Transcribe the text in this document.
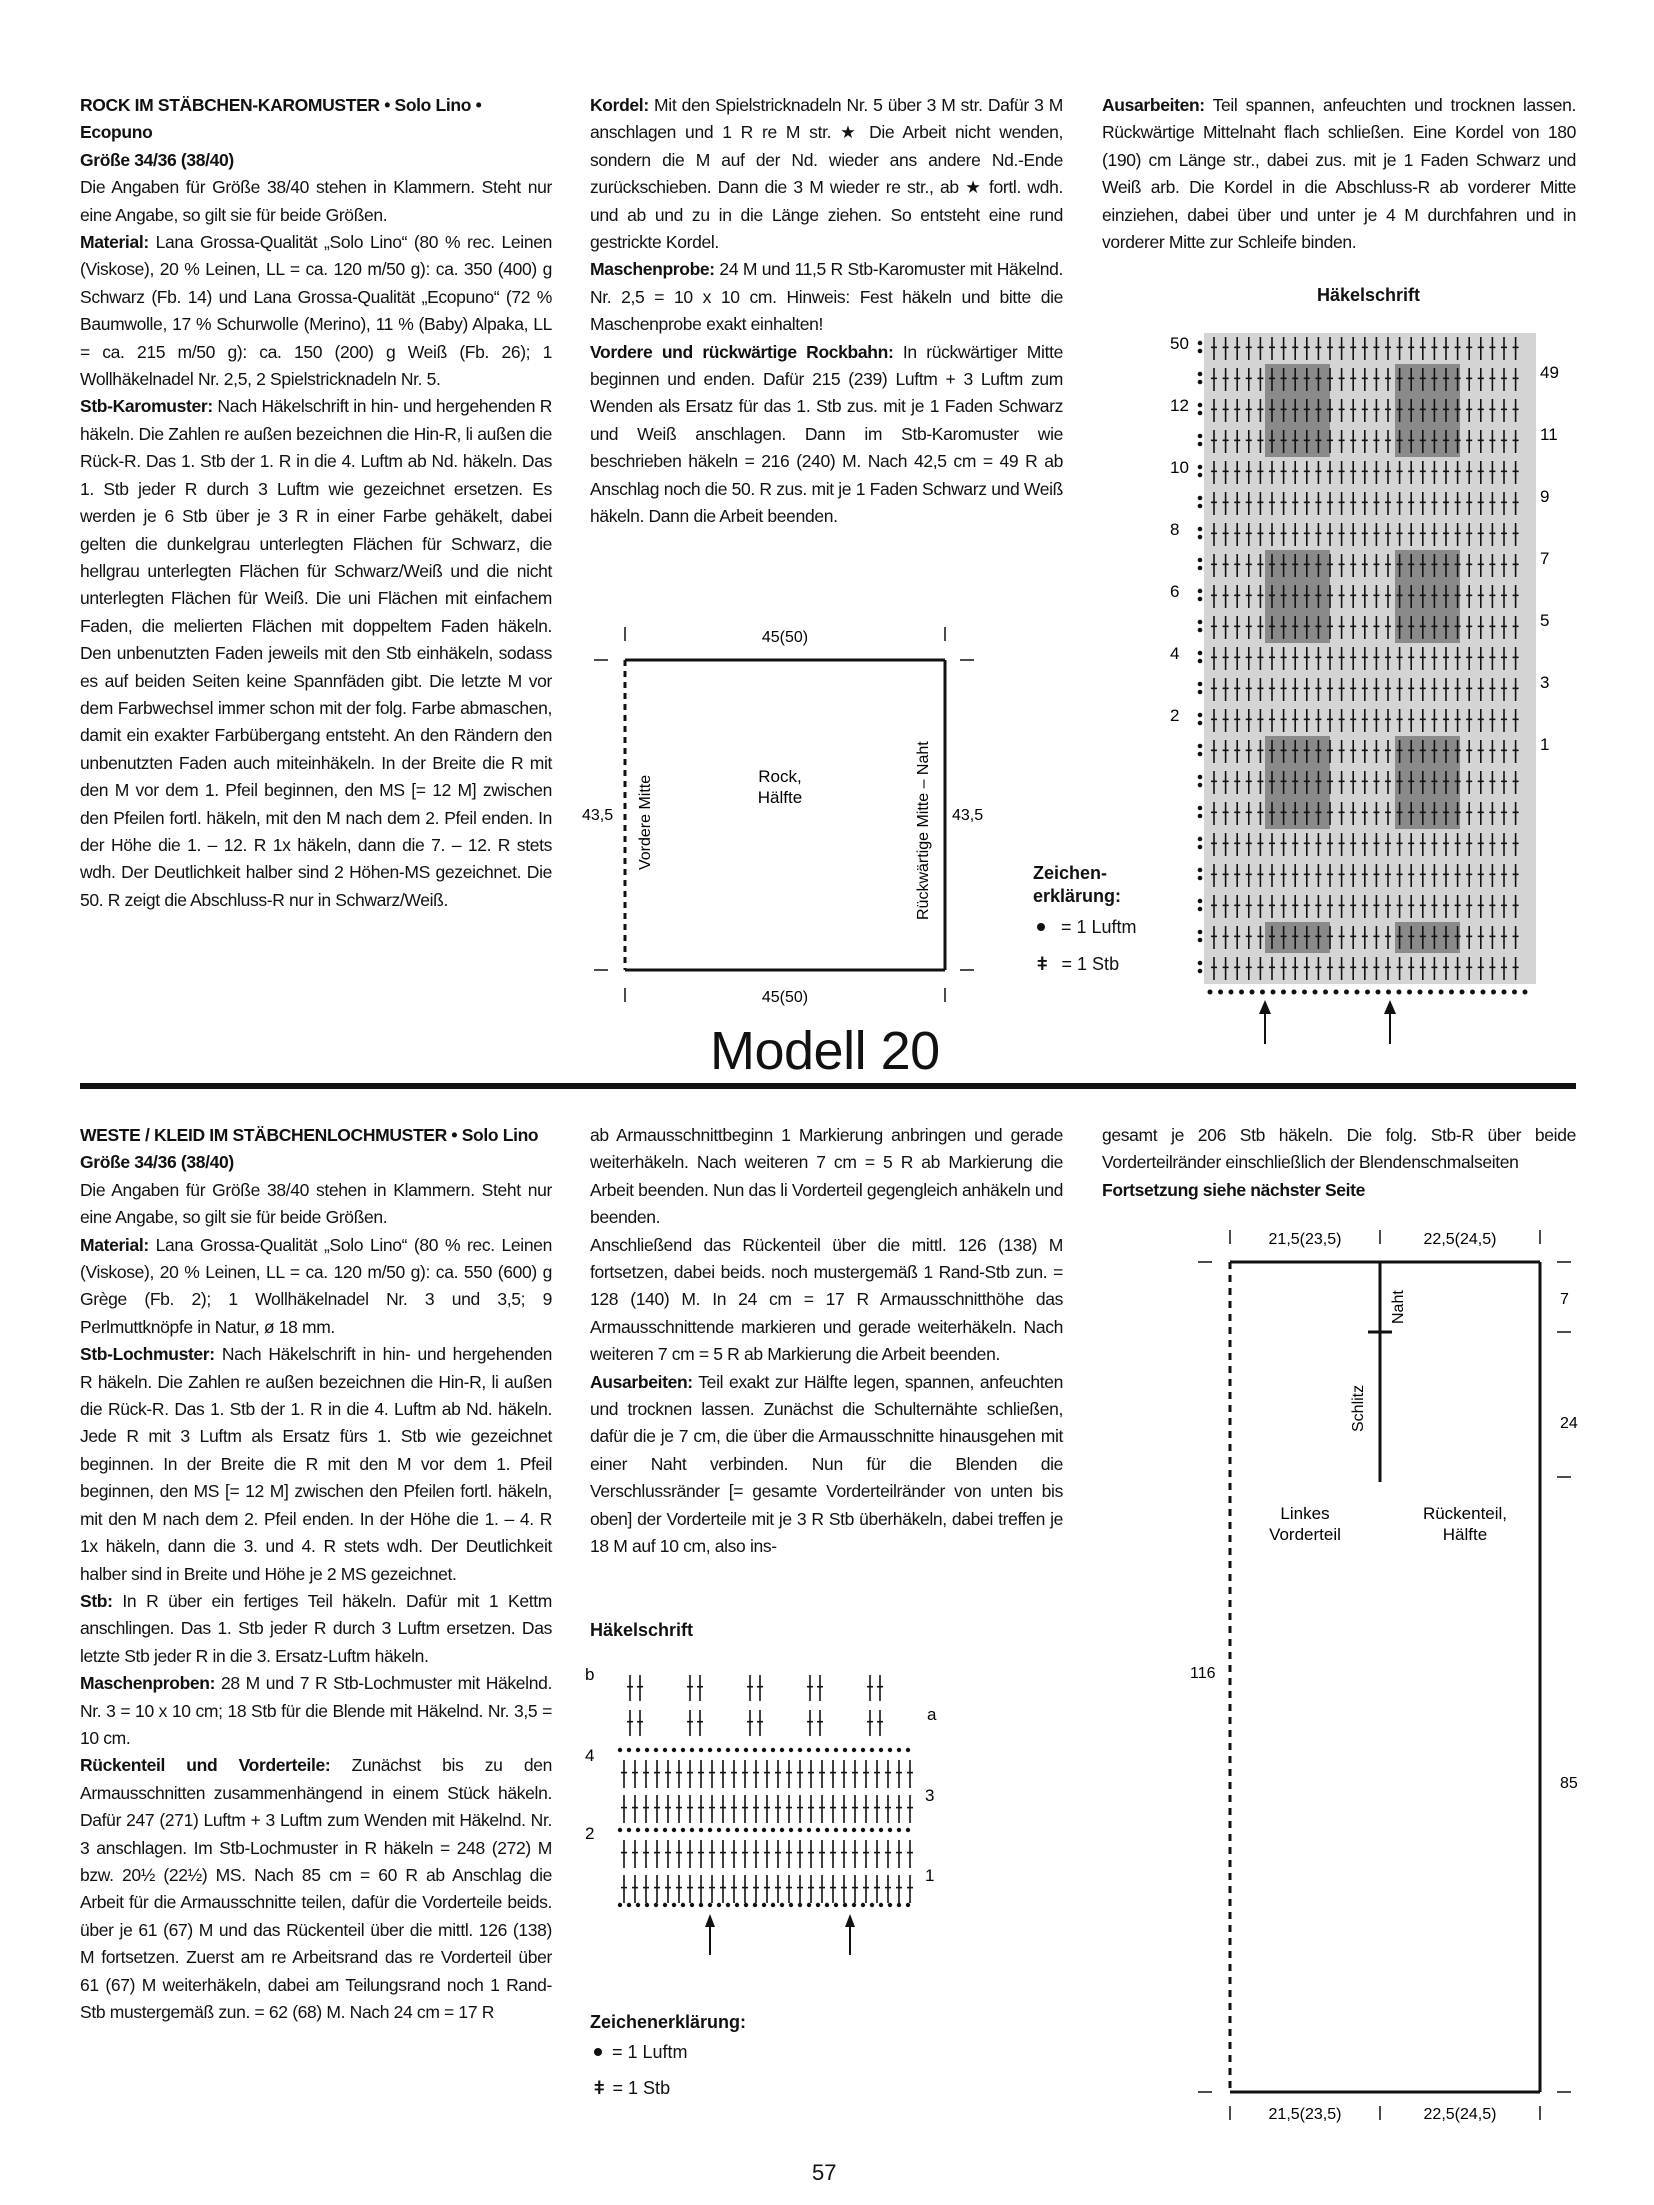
ROCK IM STÄBCHEN-KAROMUSTER • Solo Lino • Ecopuno

Größe 34/36 (38/40)

Die Angaben für Größe 38/40 stehen in Klammern. Steht nur eine Angabe, so gilt sie für beide Größen.

Material: Lana Grossa-Qualität „Solo Lino“ (80 % rec. Leinen (Viskose), 20 % Leinen, LL = ca. 120 m/50 g): ca. 350 (400) g Schwarz (Fb. 14) und Lana Grossa-Qualität „Ecopuno“ (72 % Baumwolle, 17 % Schurwolle (Merino), 11 % (Baby) Alpaka, LL = ca. 215 m/50 g): ca. 150 (200) g Weiß (Fb. 26); 1 Wollhäkelnadel Nr. 2,5, 2 Spielstricknadeln Nr. 5.

Stb-Karomuster: Nach Häkelschrift in hin- und hergehenden R häkeln. Die Zahlen re außen bezeichnen die Hin-R, li außen die Rück-R. Das 1. Stb der 1. R in die 4. Luftm ab Nd. häkeln. Das 1. Stb jeder R durch 3 Luftm wie gezeichnet ersetzen. Es werden je 6 Stb über je 3 R in einer Farbe gehäkelt, dabei gelten die dunkelgrau unterlegten Flächen für Schwarz, die hellgrau unterlegten Flächen für Schwarz/Weiß und die nicht unterlegten Flächen für Weiß. Die uni Flächen mit einfachem Faden, die melierten Flächen mit doppeltem Faden häkeln. Den unbenutzten Faden jeweils mit den Stb einhäkeln, sodass es auf beiden Seiten keine Spannfäden gibt. Die letzte M vor dem Farbwechsel immer schon mit der folg. Farbe abmaschen, damit ein exakter Farbübergang entsteht. An den Rändern den unbenutzten Faden auch miteinhäkeln. In der Breite die R mit den M vor dem 1. Pfeil beginnen, den MS [= 12 M] zwischen den Pfeilen fortl. häkeln, mit den M nach dem 2. Pfeil enden. In der Höhe die 1. – 12. R 1x häkeln, dann die 7. – 12. R stets wdh. Der Deutlichkeit halber sind 2 Höhen-MS gezeichnet. Die 50. R zeigt die Abschluss-R nur in Schwarz/Weiß.

Kordel: Mit den Spielstricknadeln Nr. 5 über 3 M str. Dafür 3 M anschlagen und 1 R re M str. ★ Die Arbeit nicht wenden, sondern die M auf der Nd. wieder ans andere Nd.-Ende zurückschieben. Dann die 3 M wieder re str., ab ★ fortl. wdh. und ab und zu in die Länge ziehen. So entsteht eine rund gestrickte Kordel.

Maschenprobe: 24 M und 11,5 R Stb-Karomuster mit Häkelnd. Nr. 2,5 = 10 x 10 cm. Hinweis: Fest häkeln und bitte die Maschenprobe exakt einhalten!

Vordere und rückwärtige Rockbahn: In rückwärtiger Mitte beginnen und enden. Dafür 215 (239) Luftm + 3 Luftm zum Wenden als Ersatz für das 1. Stb zus. mit je 1 Faden Schwarz und Weiß anschlagen. Dann im Stb-Karomuster wie beschrieben häkeln = 216 (240) M. Nach 42,5 cm = 49 R ab Anschlag noch die 50. R zus. mit je 1 Faden Schwarz und Weiß häkeln. Dann die Arbeit beenden.

Ausarbeiten: Teil spannen, anfeuchten und trocknen lassen. Rückwärtige Mittelnaht flach schließen. Eine Kordel von 180 (190) cm Länge str., dabei zus. mit je 1 Faden Schwarz und Weiß arb. Die Kordel in die Abschluss-R ab vorderer Mitte einziehen, dabei über und unter je 4 M durchfahren und in vorderer Mitte zur Schleife binden.

45(50)
43,5	43,5
Vordere Mitte	Rückwärtige Mitte – Naht
Rock,
Hälfte
45(50)
Zeichen-
erklärung:
= 1 Luftm
ǂ = 1 Stb
Häkelschrift
50
12
10
8
6
4
2
49
11
9
7
5
3
1
Modell 20

WESTE / KLEID IM STÄBCHENLOCHMUSTER • Solo Lino

Größe 34/36 (38/40)

Die Angaben für Größe 38/40 stehen in Klammern. Steht nur eine Angabe, so gilt sie für beide Größen.

Material: Lana Grossa-Qualität „Solo Lino“ (80 % rec. Leinen (Viskose), 20 % Leinen, LL = ca. 120 m/50 g): ca. 550 (600) g Grège (Fb. 2); 1 Wollhäkelnadel Nr. 3 und 3,5; 9 Perlmuttknöpfe in Natur, ø 18 mm.

Stb-Lochmuster: Nach Häkelschrift in hin- und hergehenden R häkeln. Die Zahlen re außen bezeichnen die Hin-R, li außen die Rück-R. Das 1. Stb der 1. R in die 4. Luftm ab Nd. häkeln. Jede R mit 3 Luftm als Ersatz fürs 1. Stb wie gezeichnet beginnen. In der Breite die R mit den M vor dem 1. Pfeil beginnen, den MS [= 12 M] zwischen den Pfeilen fortl. häkeln, mit den M nach dem 2. Pfeil enden. In der Höhe die 1. – 4. R 1x häkeln, dann die 3. und 4. R stets wdh. Der Deutlichkeit halber sind in Breite und Höhe je 2 MS gezeichnet.

Stb: In R über ein fertiges Teil häkeln. Dafür mit 1 Kettm anschlingen. Das 1. Stb jeder R durch 3 Luftm ersetzen. Das letzte Stb jeder R in die 3. Ersatz-Luftm häkeln.

Maschenproben: 28 M und 7 R Stb-Lochmuster mit Häkelnd. Nr. 3 = 10 x 10 cm; 18 Stb für die Blende mit Häkelnd. Nr. 3,5 = 10 cm.

Rückenteil und Vorderteile: Zunächst bis zu den Armausschnitten zusammenhängend in einem Stück häkeln. Dafür 247 (271) Luftm + 3 Luftm zum Wenden mit Häkelnd. Nr. 3 anschlagen. Im Stb-Lochmuster in R häkeln = 248 (272) M bzw. 20½ (22½) MS. Nach 85 cm = 60 R ab Anschlag die Arbeit für die Armausschnitte teilen, dafür die Vorderteile beids. über je 61 (67) M und das Rückenteil über die mittl. 126 (138) M fortsetzen. Zuerst am re Arbeitsrand das re Vorderteil über 61 (67) M weiterhäkeln, dabei am Teilungsrand noch 1 Rand-Stb mustergemäß zun. = 62 (68) M. Nach 24 cm = 17 R

ab Armausschnittbeginn 1 Markierung anbringen und gerade weiterhäkeln. Nach weiteren 7 cm = 5 R ab Markierung die Arbeit beenden. Nun das li Vorderteil gegengleich anhäkeln und beenden.

Anschließend das Rückenteil über die mittl. 126 (138) M fortsetzen, dabei beids. noch mustergemäß 1 Rand-Stb zun. = 128 (140) M. In 24 cm = 17 R Armausschnitthöhe das Armausschnittende markieren und gerade weiterhäkeln. Nach weiteren 7 cm = 5 R ab Markierung die Arbeit beenden.

Ausarbeiten: Teil exakt zur Hälfte legen, spannen, anfeuchten und trocknen lassen. Zunächst die Schulternähte schließen, dafür die je 7 cm, die über die Armausschnitte hinausgehen mit einer Naht verbinden. Nun für die Blenden die Verschlussränder [= gesamte Vorderteilränder von unten bis oben] der Vorderteile mit je 3 R Stb überhäkeln, dabei treffen je 18 M auf 10 cm, also ins-

gesamt je 206 Stb häkeln. Die folg. Stb-R über beide Vorderteilränder einschließlich der Blendenschmalseiten

Fortsetzung siehe nächster Seite

Häkelschrift
b
4
2
a
3
1
Zeichenerklärung:
= 1 Luftm
ǂ = 1 Stb
21,5(23,5)	22,5(24,5)
Naht
Schlitz
Linkes
Vorderteil
Rückenteil,
Hälfte
7
24
85
116
21,5(23,5)	22,5(24,5)
57
